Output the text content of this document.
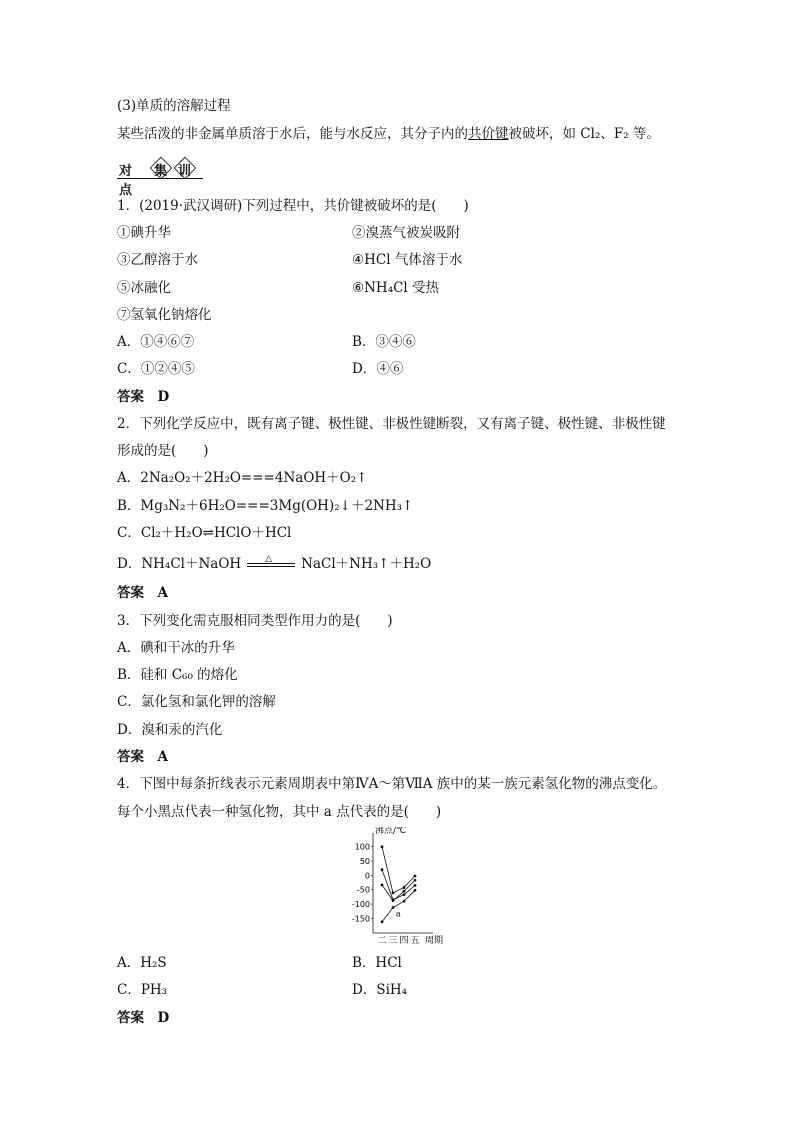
(3)单质的溶解过程
某些活泼的非金属单质溶于水后，能与水反应，其分子内的共价键被破坏，如 Cl₂、F₂ 等。
对点
集 训
1．(2019·武汉调研)下列过程中，共价键被破坏的是(　　)
①碘升华	②溴蒸气被炭吸附
③乙醇溶于水	④HCl 气体溶于水
⑤冰融化	⑥NH₄Cl 受热
⑦氢氧化钠熔化
A．①④⑥⑦	B．③④⑥
C．①②④⑤	D．④⑥
答案　D
2．下列化学反应中，既有离子键、极性键、非极性键断裂，又有离子键、极性键、非极性键
形成的是(　　)
A．2Na₂O₂＋2H₂O===4NaOH＋O₂↑
B．Mg₃N₂＋6H₂O===3Mg(OH)₂↓＋2NH₃↑
C．Cl₂＋H₂O⇌HClO＋HCl
D．NH₄Cl＋NaOH	△ NaCl＋NH₃↑＋H₂O
答案　A
3．下列变化需克服相同类型作用力的是(　　)
A．碘和干冰的升华
B．硅和 C₆₀ 的熔化
C．氯化氢和氯化钾的溶解
D．溴和汞的汽化
答案　A
4．下图中每条折线表示元素周期表中第ⅣA～第ⅦA 族中的某一族元素氢化物的沸点变化。
每个小黑点代表一种氢化物，其中 a 点代表的是(　　)
沸点/℃
100
50
0
-50
-100
-150
二 三 四 五 周期
a
A．H₂S	B．HCl
C．PH₃	D．SiH₄
答案　D
